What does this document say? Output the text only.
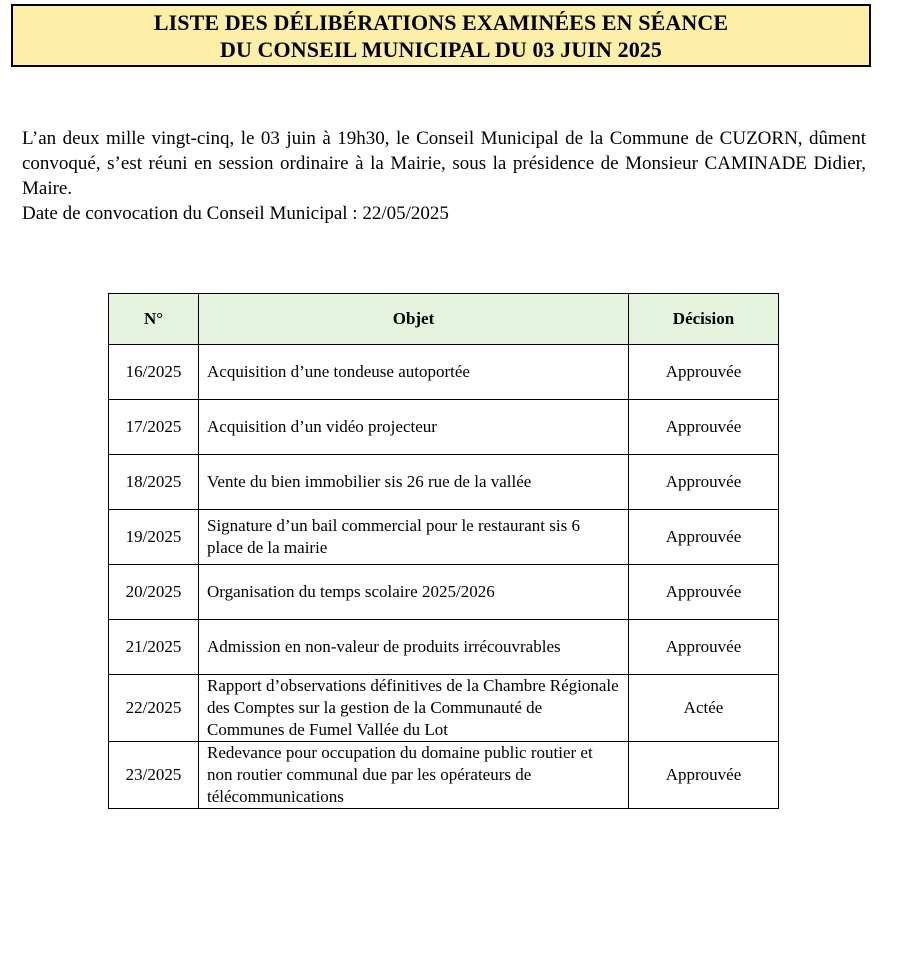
LISTE DES DÉLIBÉRATIONS EXAMINÉES EN SÉANCE
DU CONSEIL MUNICIPAL DU 03 JUIN 2025

L’an deux mille vingt-cinq, le 03 juin à 19h30, le Conseil Municipal de la Commune de CUZORN, dûment convoqué, s’est réuni en session ordinaire à la Mairie, sous la présidence de Monsieur CAMINADE Didier, Maire.

Date de convocation du Conseil Municipal : 22/05/2025

N°	Objet	Décision
16/2025	Acquisition d’une tondeuse autoportée	Approuvée
17/2025	Acquisition d’un vidéo projecteur	Approuvée
18/2025	Vente du bien immobilier sis 26 rue de la vallée	Approuvée
19/2025	Signature d’un bail commercial pour le restaurant sis 6 place de la mairie	Approuvée
20/2025	Organisation du temps scolaire 2025/2026	Approuvée
21/2025	Admission en non-valeur de produits irrécouvrables	Approuvée
22/2025	Rapport d’observations définitives de la Chambre Régionale des Comptes sur la gestion de la Communauté de Communes de Fumel Vallée du Lot	Actée
23/2025	Redevance pour occupation du domaine public routier et non routier communal due par les opérateurs de télécommunications	Approuvée
